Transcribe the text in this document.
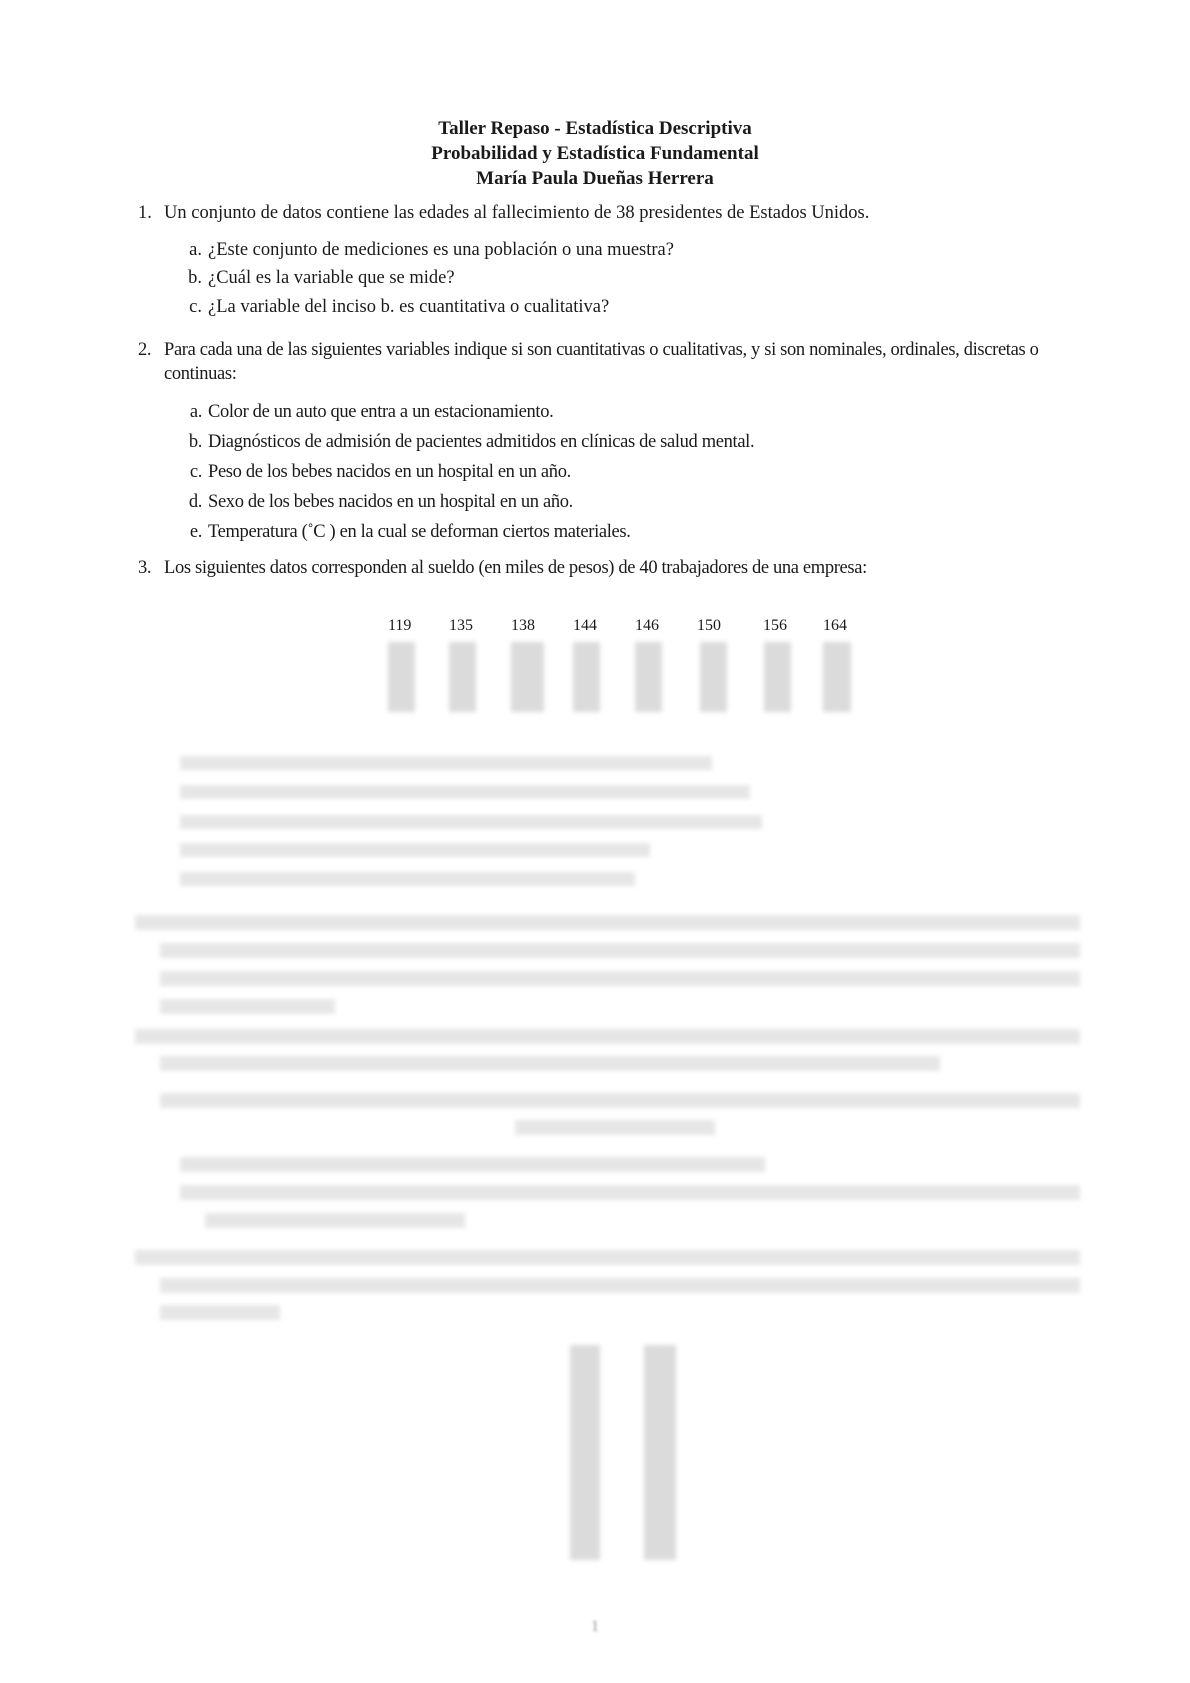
Taller Repaso - Estadística Descriptiva
Probabilidad y Estadística Fundamental
María Paula Dueñas Herrera
1. Un conjunto de datos contiene las edades al fallecimiento de 38 presidentes de Estados Unidos.
a. ¿Este conjunto de mediciones es una población o una muestra?
b. ¿Cuál es la variable que se mide?
c. ¿La variable del inciso b. es cuantitativa o cualitativa?
2. Para cada una de las siguientes variables indique si son cuantitativas o cualitativas, y si son nominales, ordinales, discretas o continuas:
a. Color de un auto que entra a un estacionamiento.
b. Diagnósticos de admisión de pacientes admitidos en clínicas de salud mental.
c. Peso de los bebes nacidos en un hospital en un año.
d. Sexo de los bebes nacidos en un hospital en un año.
e. Temperatura (˚C ) en la cual se deforman ciertos materiales.
3. Los siguientes datos corresponden al sueldo (en miles de pesos) de 40 trabajadores de una empresa:
119	135	138	144	146	150	156	164
1
